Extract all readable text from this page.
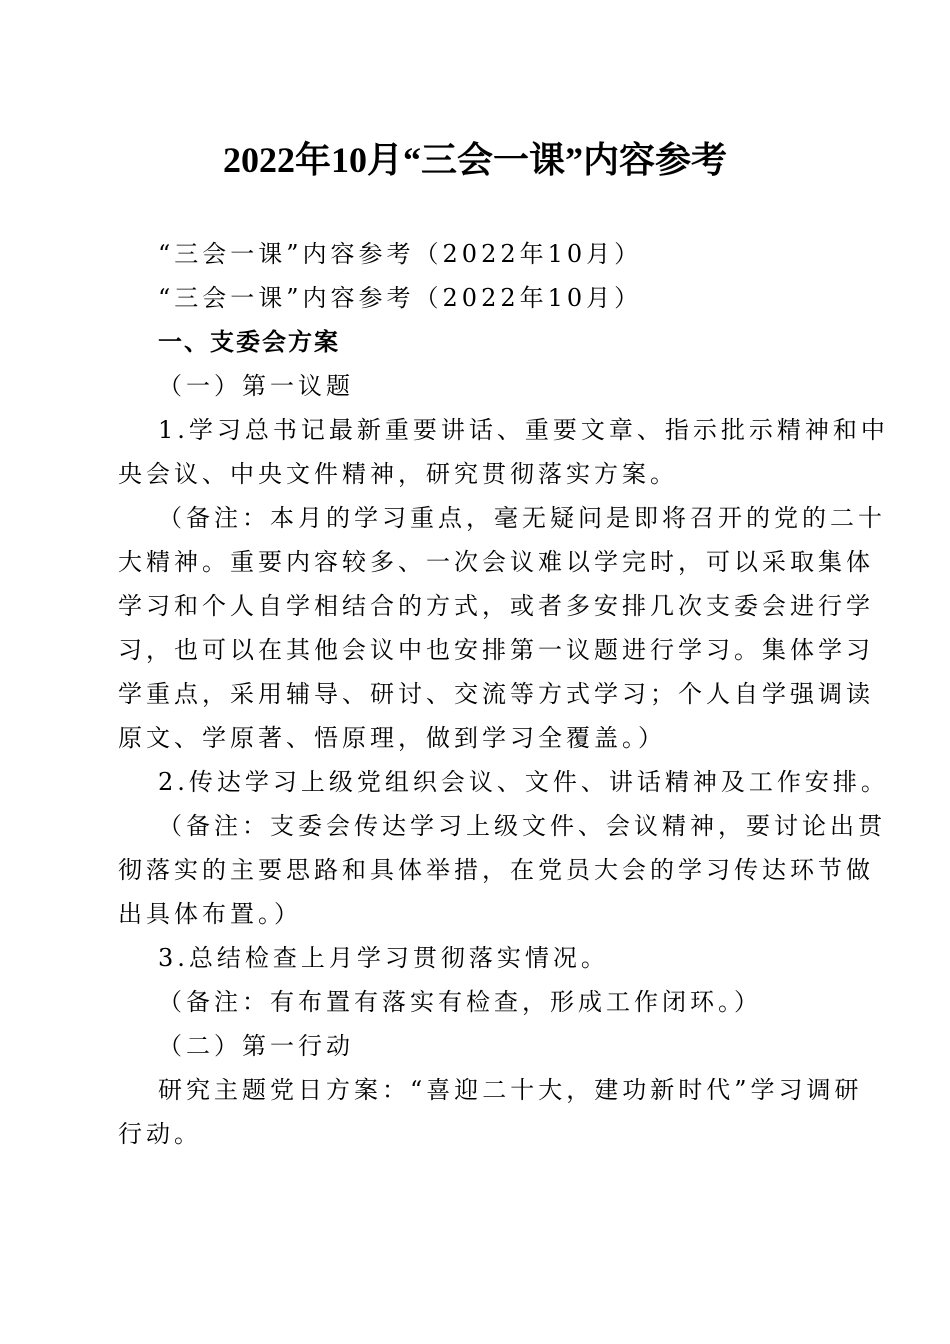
2022年10月“三会一课”内容参考
“三会一课”内容参考（2022年10月）
“三会一课”内容参考（2022年10月）
一、支委会方案
（一）第一议题
1.学习总书记最新重要讲话、重要文章、指示批示精神和中
央会议、中央文件精神，研究贯彻落实方案。
（备注：本月的学习重点，毫无疑问是即将召开的党的二十
大精神。重要内容较多、一次会议难以学完时，可以采取集体
学习和个人自学相结合的方式，或者多安排几次支委会进行学
习，也可以在其他会议中也安排第一议题进行学习。集体学习
学重点，采用辅导、研讨、交流等方式学习；个人自学强调读
原文、学原著、悟原理，做到学习全覆盖。）
2.传达学习上级党组织会议、文件、讲话精神及工作安排。
（备注：支委会传达学习上级文件、会议精神，要讨论出贯
彻落实的主要思路和具体举措，在党员大会的学习传达环节做
出具体布置。）
3.总结检查上月学习贯彻落实情况。
（备注：有布置有落实有检查，形成工作闭环。）
（二）第一行动
研究主题党日方案：“喜迎二十大，建功新时代”学习调研
行动。
